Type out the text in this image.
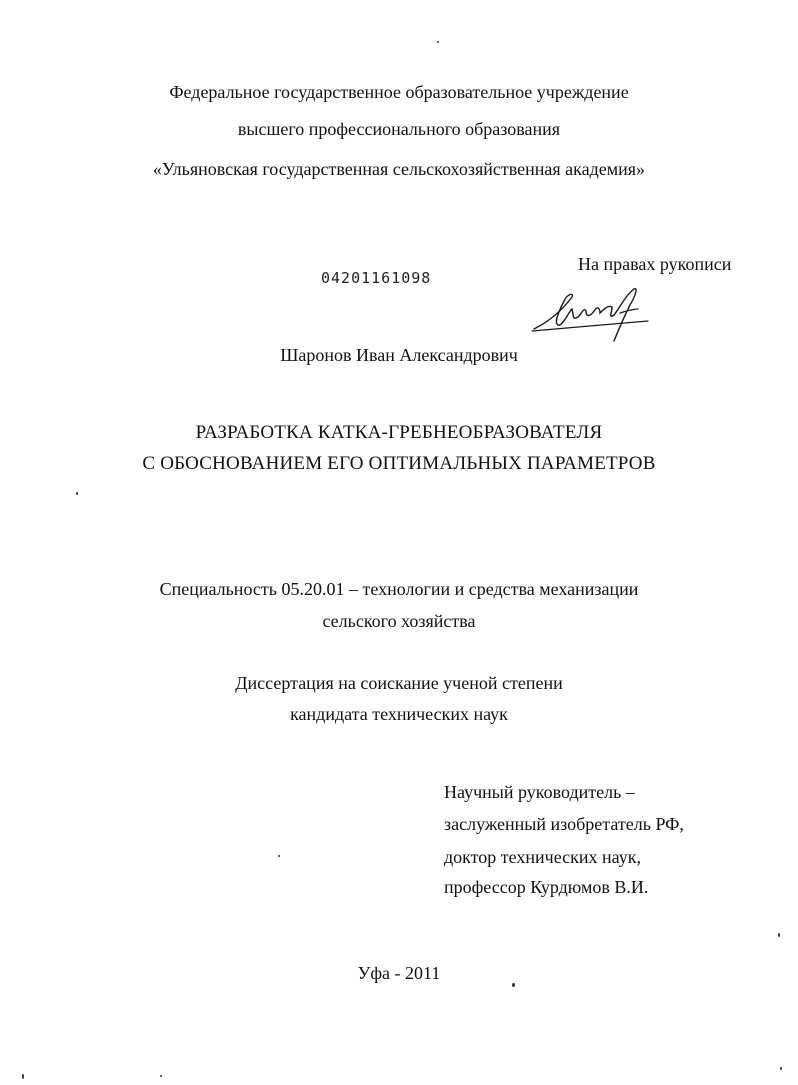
Федеральное государственное образовательное учреждение
высшего профессионального образования
«Ульяновская государственная сельскохозяйственная академия»
04201161098
На правах рукописи
Шаронов Иван Александрович
РАЗРАБОТКА КАТКА-ГРЕБНЕОБРАЗОВАТЕЛЯ
С ОБОСНОВАНИЕМ ЕГО ОПТИМАЛЬНЫХ ПАРАМЕТРОВ
Специальность 05.20.01 – технологии и средства механизации
сельского хозяйства
Диссертация на соискание ученой степени
кандидата технических наук
Научный руководитель –
заслуженный изобретатель РФ,
доктор технических наук,
профессор Курдюмов В.И.
Уфа - 2011
